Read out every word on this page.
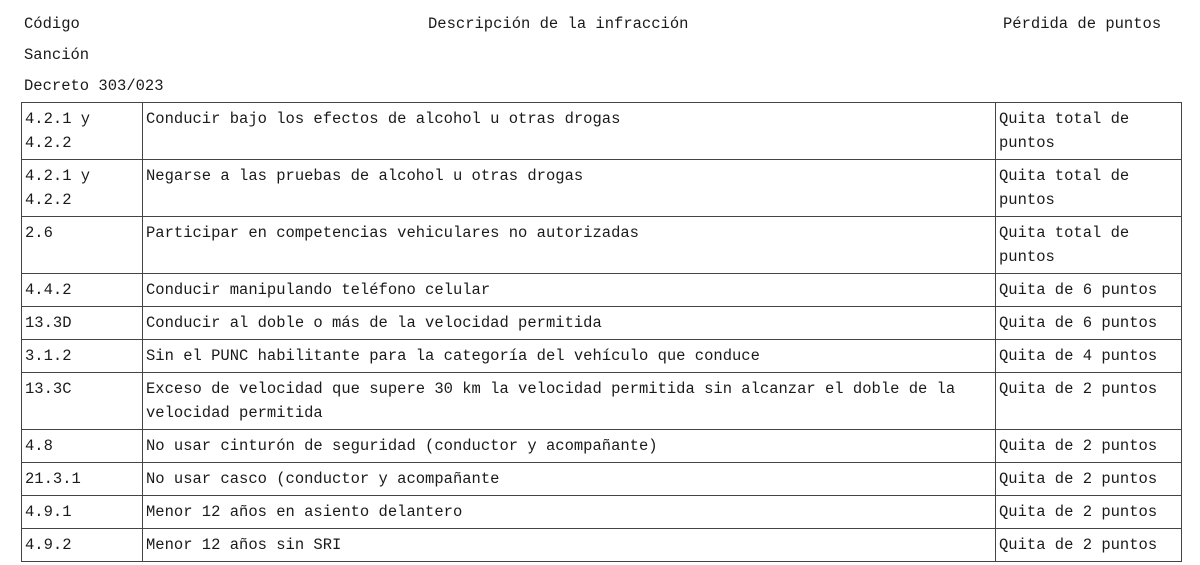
Código	Descripción de la infracción	Pérdida de puntos
Sanción
Decreto 303/023
4.2.1 y 4.2.2	Conducir bajo los efectos de alcohol u otras drogas	Quita total de puntos
4.2.1 y 4.2.2	Negarse a las pruebas de alcohol u otras drogas	Quita total de puntos
2.6	Participar en competencias vehiculares no autorizadas	Quita total de puntos
4.4.2	Conducir manipulando teléfono celular	Quita de 6 puntos
13.3D	Conducir al doble o más de la velocidad permitida	Quita de 6 puntos
3.1.2	Sin el PUNC habilitante para la categoría del vehículo que conduce	Quita de 4 puntos
13.3C	Exceso de velocidad que supere 30 km la velocidad permitida sin alcanzar el doble de la velocidad permitida	Quita de 2 puntos
4.8	No usar cinturón de seguridad (conductor y acompañante)	Quita de 2 puntos
21.3.1	No usar casco (conductor y acompañante	Quita de 2 puntos
4.9.1	Menor 12 años en asiento delantero	Quita de 2 puntos
4.9.2	Menor 12 años sin SRI	Quita de 2 puntos
